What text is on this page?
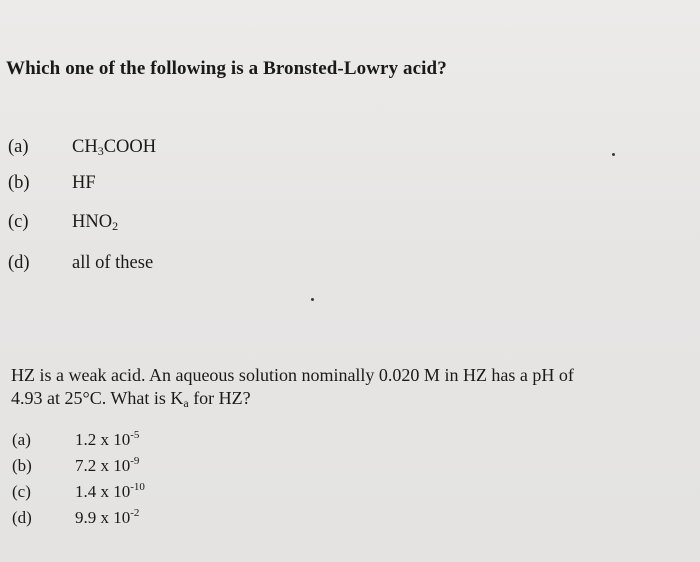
Which one of the following is a Bronsted-Lowry acid?
(a) $CH_3COOH$
(b) HF
(c) $HNO_2$
(d) all of these
HZ is a weak acid. An aqueous solution nominally 0.020 M in HZ has a pH of
4.93 at 25°C. What is $K_a$ for HZ?
(a)	1.2 x $10^{-5}$
(b)	7.2 x $10^{-9}$
(c)	1.4 x $10^{-10}$
(d)	9.9 x $10^{-2}$
